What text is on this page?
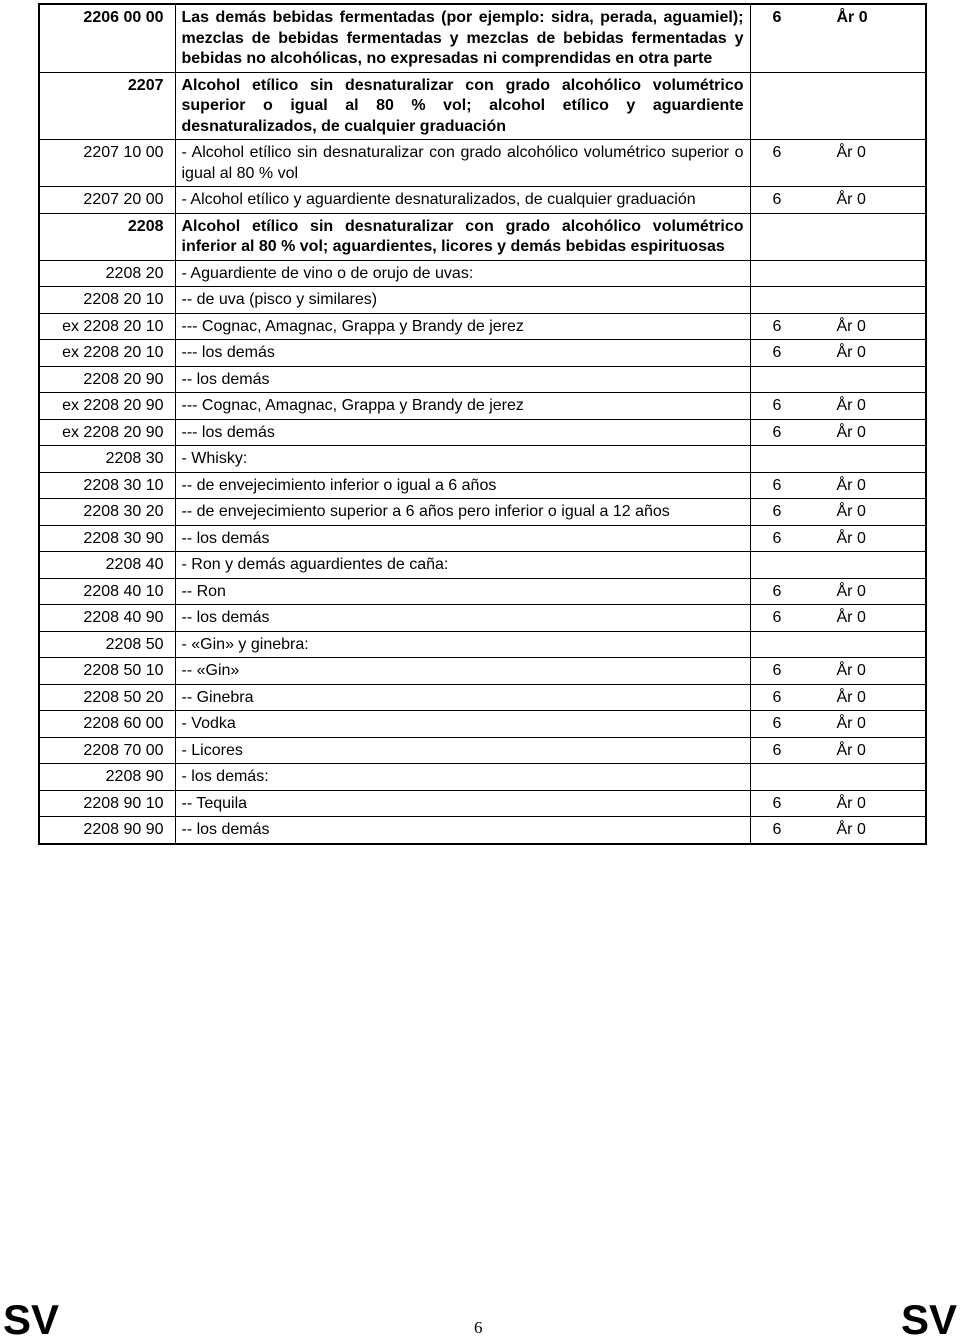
2206 00 00	Las demás bebidas fermentadas (por ejemplo: sidra, perada, aguamiel); mezclas de bebidas fermentadas y mezclas de bebidas fermentadas y bebidas no alcohólicas, no expresadas ni comprendidas en otra parte	6 År 0
2207	Alcohol etílico sin desnaturalizar con grado alcohólico volumétrico superior o igual al 80 % vol; alcohol etílico y aguardiente desnaturalizados, de cualquier graduación	
2207 10 00	- Alcohol etílico sin desnaturalizar con grado alcohólico volumétrico superior o igual al 80 % vol	6 År 0
2207 20 00	- Alcohol etílico y aguardiente desnaturalizados, de cualquier graduación	6 År 0
2208	Alcohol etílico sin desnaturalizar con grado alcohólico volumétrico inferior al 80 % vol; aguardientes, licores y demás bebidas espirituosas	
2208 20	- Aguardiente de vino o de orujo de uvas:	
2208 20 10	-- de uva (pisco y similares)	
ex 2208 20 10	--- Cognac, Amagnac, Grappa y Brandy de jerez	6 År 0
ex 2208 20 10	--- los demás	6 År 0
2208 20 90	-- los demás	
ex 2208 20 90	--- Cognac, Amagnac, Grappa y Brandy de jerez	6 År 0
ex 2208 20 90	--- los demás	6 År 0
2208 30	- Whisky:	
2208 30 10	-- de envejecimiento inferior o igual a 6 años	6 År 0
2208 30 20	-- de envejecimiento superior a 6 años pero inferior o igual a 12 años	6 År 0
2208 30 90	-- los demás	6 År 0
2208 40	- Ron y demás aguardientes de caña:	
2208 40 10	-- Ron	6 År 0
2208 40 90	-- los demás	6 År 0
2208 50	- «Gin» y ginebra:	
2208 50 10	-- «Gin»	6 År 0
2208 50 20	-- Ginebra	6 År 0
2208 60 00	- Vodka	6 År 0
2208 70 00	- Licores	6 År 0
2208 90	- los demás:	
2208 90 10	-- Tequila	6 År 0
2208 90 90	-- los demás	6 År 0
SV	6	SV
